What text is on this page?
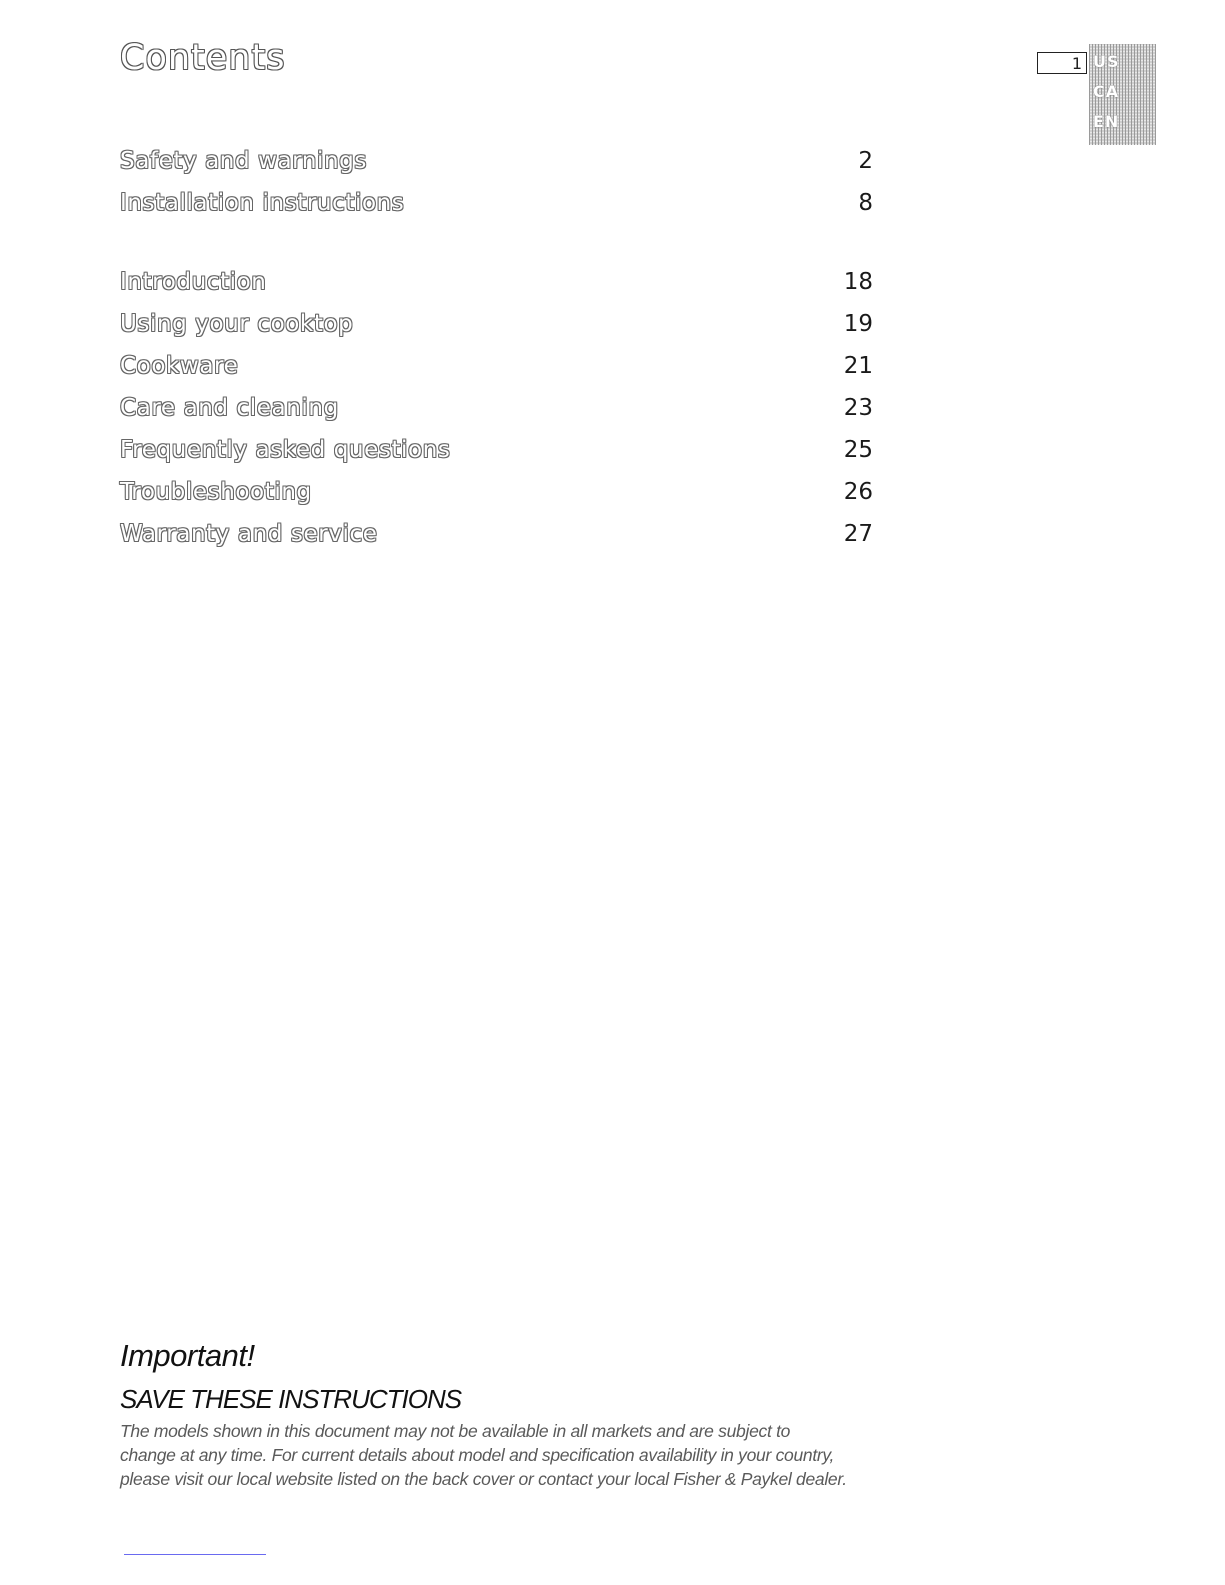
Contents	1 US
CA
EN
Safety and warnings	2
Installation instructions	8
Introduction	18
Using your cooktop	19
Cookware	21
Care and cleaning	23
Frequently asked questions	25
Troubleshooting	26
Warranty and service	27
Important!
SAVE THESE INSTRUCTIONS
The models shown in this document may not be available in all markets and are subject to change at any time. For current details about model and specification availability in your country, please visit our local website listed on the back cover or contact your local Fisher & Paykel dealer.
